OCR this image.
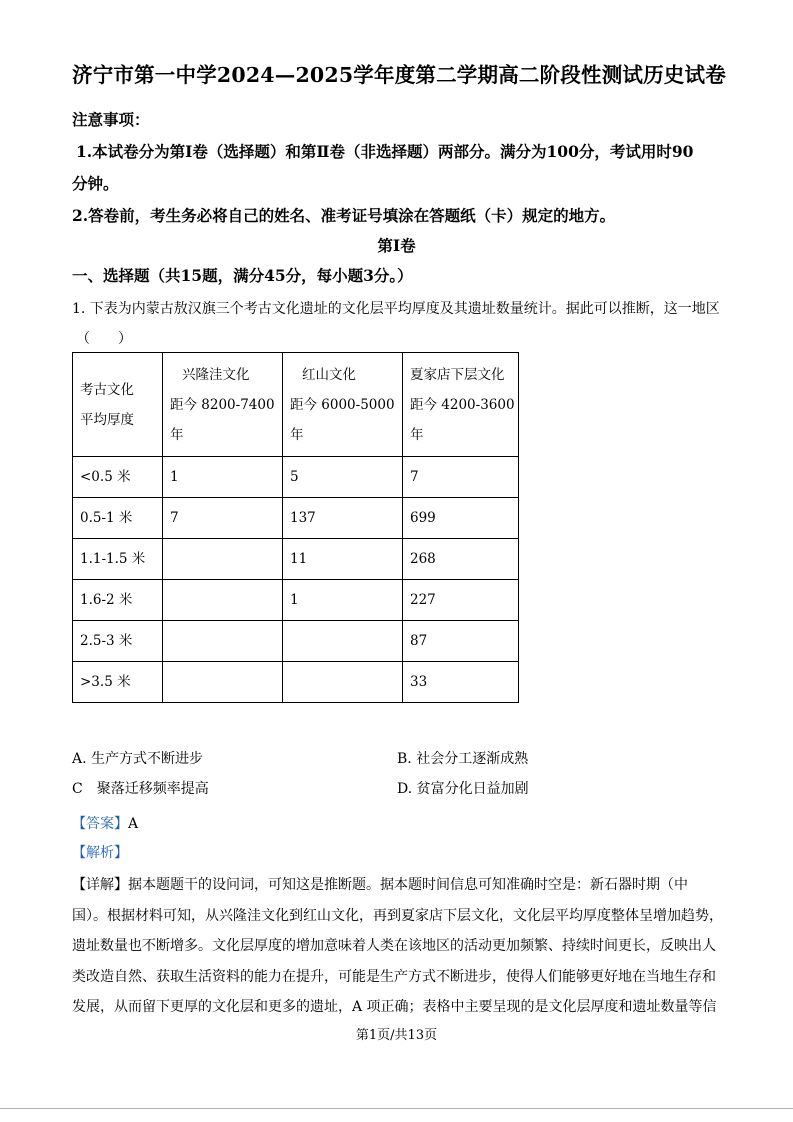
济宁市第一中学2024—2025学年度第二学期高二阶段性测试历史试卷
注意事项：
1.本试卷分为第Ⅰ卷（选择题）和第Ⅱ卷（非选择题）两部分。满分为100分，考试用时90
分钟。
2.答卷前，考生务必将自己的姓名、准考证号填涂在答题纸（卡）规定的地方。
第Ⅰ卷
一、选择题（共15题，满分45分，每小题3分。）
1. 下表为内蒙古敖汉旗三个考古文化遗址的文化层平均厚度及其遗址数量统计。据此可以推断，这一地区
（　　）
考古文化
平均厚度	兴隆洼文化
距今 8200-7400
年	红山文化
距今 6000-5000
年	夏家店下层文化
距今 4200-3600
年

<0.5 米	1	5	7
0.5-1 米	7	137	699
1.1-1.5 米		11	268
1.6-2 米		1	227
2.5-3 米			87
>3.5 米			33
A. 生产方式不断进步	B. 社会分工逐渐成熟
C　聚落迁移频率提高	D. 贫富分化日益加剧
【答案】A
【解析】
【详解】据本题题干的设问词，可知这是推断题。据本题时间信息可知准确时空是：新石器时期（中
国）。根据材料可知，从兴隆洼文化到红山文化，再到夏家店下层文化，文化层平均厚度整体呈增加趋势，
遗址数量也不断增多。文化层厚度的增加意味着人类在该地区的活动更加频繁、持续时间更长，反映出人
类改造自然、获取生活资料的能力在提升，可能是生产方式不断进步，使得人们能够更好地在当地生存和
发展，从而留下更厚的文化层和更多的遗址，A 项正确；表格中主要呈现的是文化层厚度和遗址数量等信
第1页/共13页
